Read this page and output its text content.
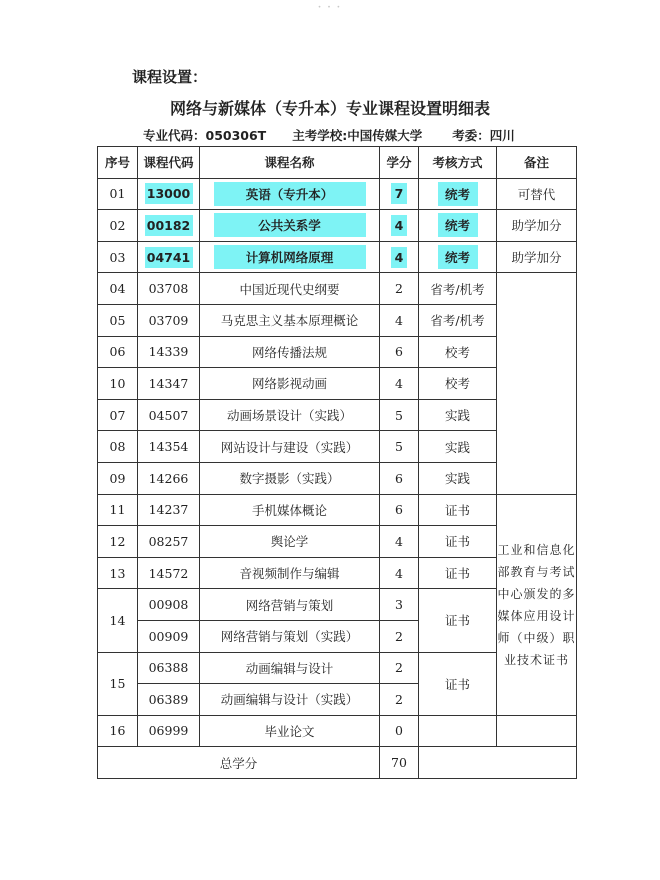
• • •
课程设置：
网络与新媒体（专升本）专业课程设置明细表
专业代码：050306T 主考学校:中国传媒大学 考委：四川
序号	课程代码	课程名称	学分	考核方式	备注
01	13000	英语（专升本）	7	统考	可替代
02	00182	公共关系学	4	统考	助学加分
03	04741	计算机网络原理	4	统考	助学加分
04	03708	中国近现代史纲要	2	省考/机考	
05	03709	马克思主义基本原理概论	4	省考/机考	
06	14339	网络传播法规	6	校考	
10	14347	网络影视动画	4	校考	
07	04507	动画场景设计（实践）	5	实践	
08	14354	网站设计与建设（实践）	5	实践	
09	14266	数字摄影（实践）	6	实践	
11	14237	手机媒体概论	6	证书	工业和信息化部教育与考试中心颁发的多媒体应用设计师（中级）职业技术证书
12	08257	舆论学	4	证书	
13	14572	音视频制作与编辑	4	证书	
14	00908	网络营销与策划	3	证书	
	00909	网络营销与策划（实践）	2		
15	06388	动画编辑与设计	2	证书	
	06389	动画编辑与设计（实践）	2		
16	06999	毕业论文	0		
总学分			70		
